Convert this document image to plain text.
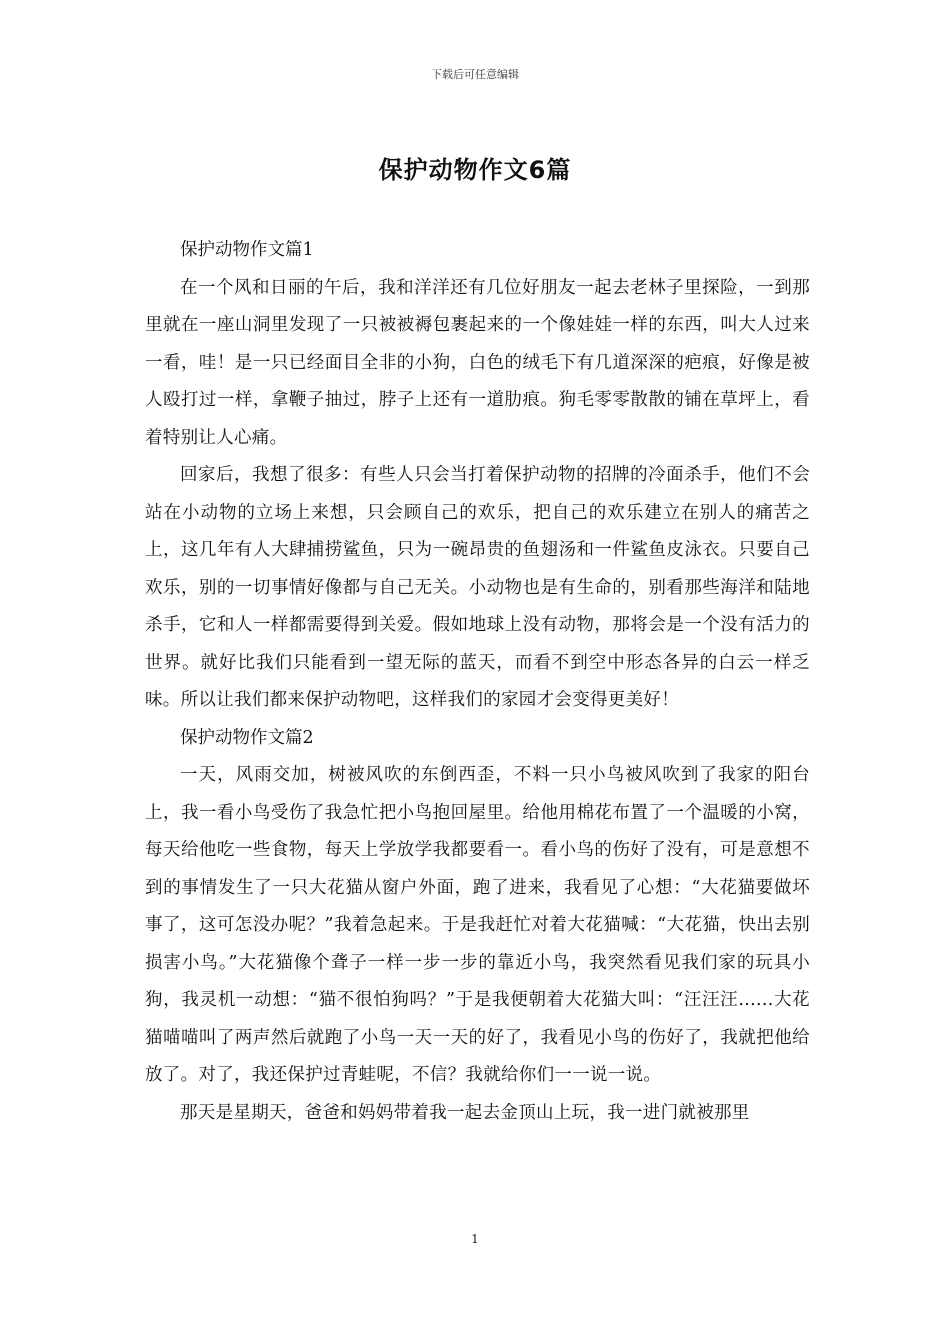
下载后可任意编辑
保护动物作文6篇

保护动物作文篇1

在一个风和日丽的午后，我和洋洋还有几位好朋友一起去老林子里探险，一到那里就在一座山洞里发现了一只被被褥包裹起来的一个像娃娃一样的东西，叫大人过来一看，哇！是一只已经面目全非的小狗，白色的绒毛下有几道深深的疤痕，好像是被人殴打过一样，拿鞭子抽过，脖子上还有一道肋痕。狗毛零零散散的铺在草坪上，看着特别让人心痛。

回家后，我想了很多：有些人只会当打着保护动物的招牌的冷面杀手，他们不会站在小动物的立场上来想，只会顾自己的欢乐，把自己的欢乐建立在别人的痛苦之上，这几年有人大肆捕捞鲨鱼，只为一碗昂贵的鱼翅汤和一件鲨鱼皮泳衣。只要自己欢乐，别的一切事情好像都与自己无关。小动物也是有生命的，别看那些海洋和陆地杀手，它和人一样都需要得到关爱。假如地球上没有动物，那将会是一个没有活力的世界。就好比我们只能看到一望无际的蓝天，而看不到空中形态各异的白云一样乏味。所以让我们都来保护动物吧，这样我们的家园才会变得更美好！

保护动物作文篇2

一天，风雨交加，树被风吹的东倒西歪，不料一只小鸟被风吹到了我家的阳台上，我一看小鸟受伤了我急忙把小鸟抱回屋里。给他用棉花布置了一个温暖的小窝，每天给他吃一些食物，每天上学放学我都要看一。看小鸟的伤好了没有，可是意想不到的事情发生了一只大花猫从窗户外面，跑了进来，我看见了心想：“大花猫要做坏事了，这可怎没办呢？”我着急起来。于是我赶忙对着大花猫喊：“大花猫，快出去别损害小鸟。”大花猫像个聋子一样一步一步的靠近小鸟，我突然看见我们家的玩具小狗，我灵机一动想：“猫不很怕狗吗？”于是我便朝着大花猫大叫：“汪汪汪......大花猫喵喵叫了两声然后就跑了小鸟一天一天的好了，我看见小鸟的伤好了，我就把他给放了。对了，我还保护过青蛙呢，不信？我就给你们一一说一说。

那天是星期天，爸爸和妈妈带着我一起去金顶山上玩，我一进门就被那里

1
